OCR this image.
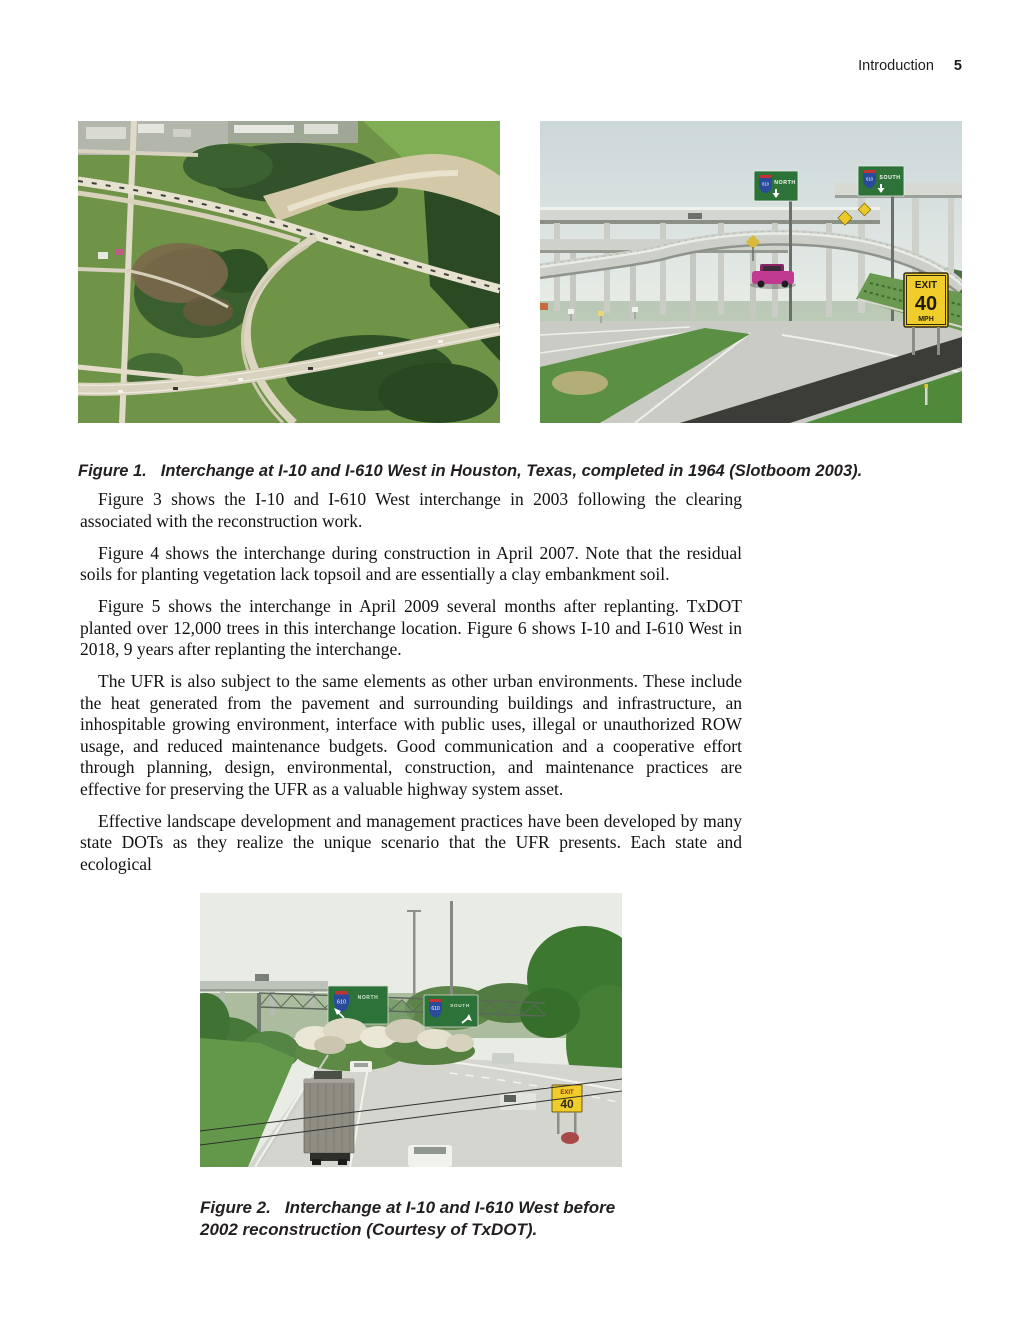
Introduction 5
610 NORTH
610 SOUTH
EXIT
40
MPH

Figure 1. Interchange at I-10 and I-610 West in Houston, Texas, completed in 1964 (Slotboom 2003).

Figure 3 shows the I-10 and I-610 West interchange in 2003 following the clearing associated with the reconstruction work.

Figure 4 shows the interchange during construction in April 2007. Note that the residual soils for planting vegetation lack topsoil and are essentially a clay embankment soil.

Figure 5 shows the interchange in April 2009 several months after replanting. TxDOT planted over 12,000 trees in this interchange location. Figure 6 shows I-10 and I-610 West in 2018, 9 years after replanting the interchange.

The UFR is also subject to the same elements as other urban environments. These include the heat generated from the pavement and surrounding buildings and infrastructure, an inhospitable growing environment, interface with public uses, illegal or unauthorized ROW usage, and reduced maintenance budgets. Good communication and a cooperative effort through planning, design, environmental, construction, and maintenance practices are effective for preserving the UFR as a valuable highway system asset.

Effective landscape development and management practices have been developed by many state DOTs as they realize the unique scenario that the UFR presents. Each state and ecological

610
NORTH
610 SOUTH
EXIT
40

Figure 2. Interchange at I-10 and I-610 West before 2002 reconstruction (Courtesy of TxDOT).
